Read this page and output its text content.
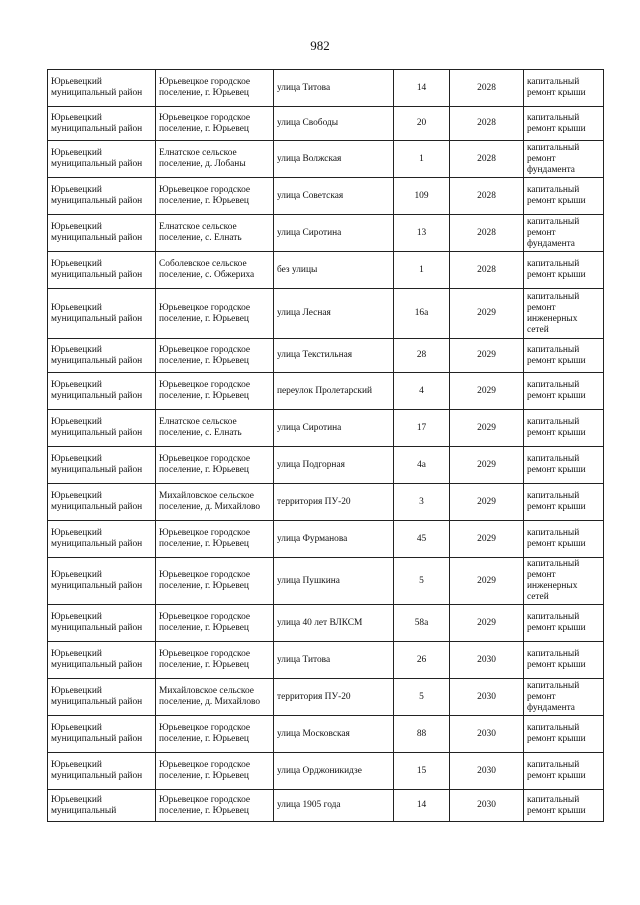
982
Юрьевецкий муниципальный район	Юрьевецкое городское поселение, г. Юрьевец	улица Титова	14	2028	капитальный ремонт крыши
Юрьевецкий муниципальный район	Юрьевецкое городское поселение, г. Юрьевец	улица Свободы	20	2028	капитальный ремонт крыши
Юрьевецкий муниципальный район	Елнатское сельское поселение, д. Лобаны	улица Волжская	1	2028	капитальный ремонт фундамента
Юрьевецкий муниципальный район	Юрьевецкое городское поселение, г. Юрьевец	улица Советская	109	2028	капитальный ремонт крыши
Юрьевецкий муниципальный район	Елнатское сельское поселение, с. Елнать	улица Сиротина	13	2028	капитальный ремонт фундамента
Юрьевецкий муниципальный район	Соболевское сельское поселение, с. Обжериха	без улицы	1	2028	капитальный ремонт крыши
Юрьевецкий муниципальный район	Юрьевецкое городское поселение, г. Юрьевец	улица Лесная	16а	2029	капитальный ремонт инженерных сетей
Юрьевецкий муниципальный район	Юрьевецкое городское поселение, г. Юрьевец	улица Текстильная	28	2029	капитальный ремонт крыши
Юрьевецкий муниципальный район	Юрьевецкое городское поселение, г. Юрьевец	переулок Пролетарский	4	2029	капитальный ремонт крыши
Юрьевецкий муниципальный район	Елнатское сельское поселение, с. Елнать	улица Сиротина	17	2029	капитальный ремонт крыши
Юрьевецкий муниципальный район	Юрьевецкое городское поселение, г. Юрьевец	улица Подгорная	4а	2029	капитальный ремонт крыши
Юрьевецкий муниципальный район	Михайловское сельское поселение, д. Михайлово	территория ПУ-20	3	2029	капитальный ремонт крыши
Юрьевецкий муниципальный район	Юрьевецкое городское поселение, г. Юрьевец	улица Фурманова	45	2029	капитальный ремонт крыши
Юрьевецкий муниципальный район	Юрьевецкое городское поселение, г. Юрьевец	улица Пушкина	5	2029	капитальный ремонт инженерных сетей
Юрьевецкий муниципальный район	Юрьевецкое городское поселение, г. Юрьевец	улица 40 лет ВЛКСМ	58а	2029	капитальный ремонт крыши
Юрьевецкий муниципальный район	Юрьевецкое городское поселение, г. Юрьевец	улица Титова	26	2030	капитальный ремонт крыши
Юрьевецкий муниципальный район	Михайловское сельское поселение, д. Михайлово	территория ПУ-20	5	2030	капитальный ремонт фундамента
Юрьевецкий муниципальный район	Юрьевецкое городское поселение, г. Юрьевец	улица Московская	88	2030	капитальный ремонт крыши
Юрьевецкий муниципальный район	Юрьевецкое городское поселение, г. Юрьевец	улица Орджоникидзе	15	2030	капитальный ремонт крыши
Юрьевецкий муниципальный	Юрьевецкое городское поселение, г. Юрьевец	улица 1905 года	14	2030	капитальный ремонт крыши
